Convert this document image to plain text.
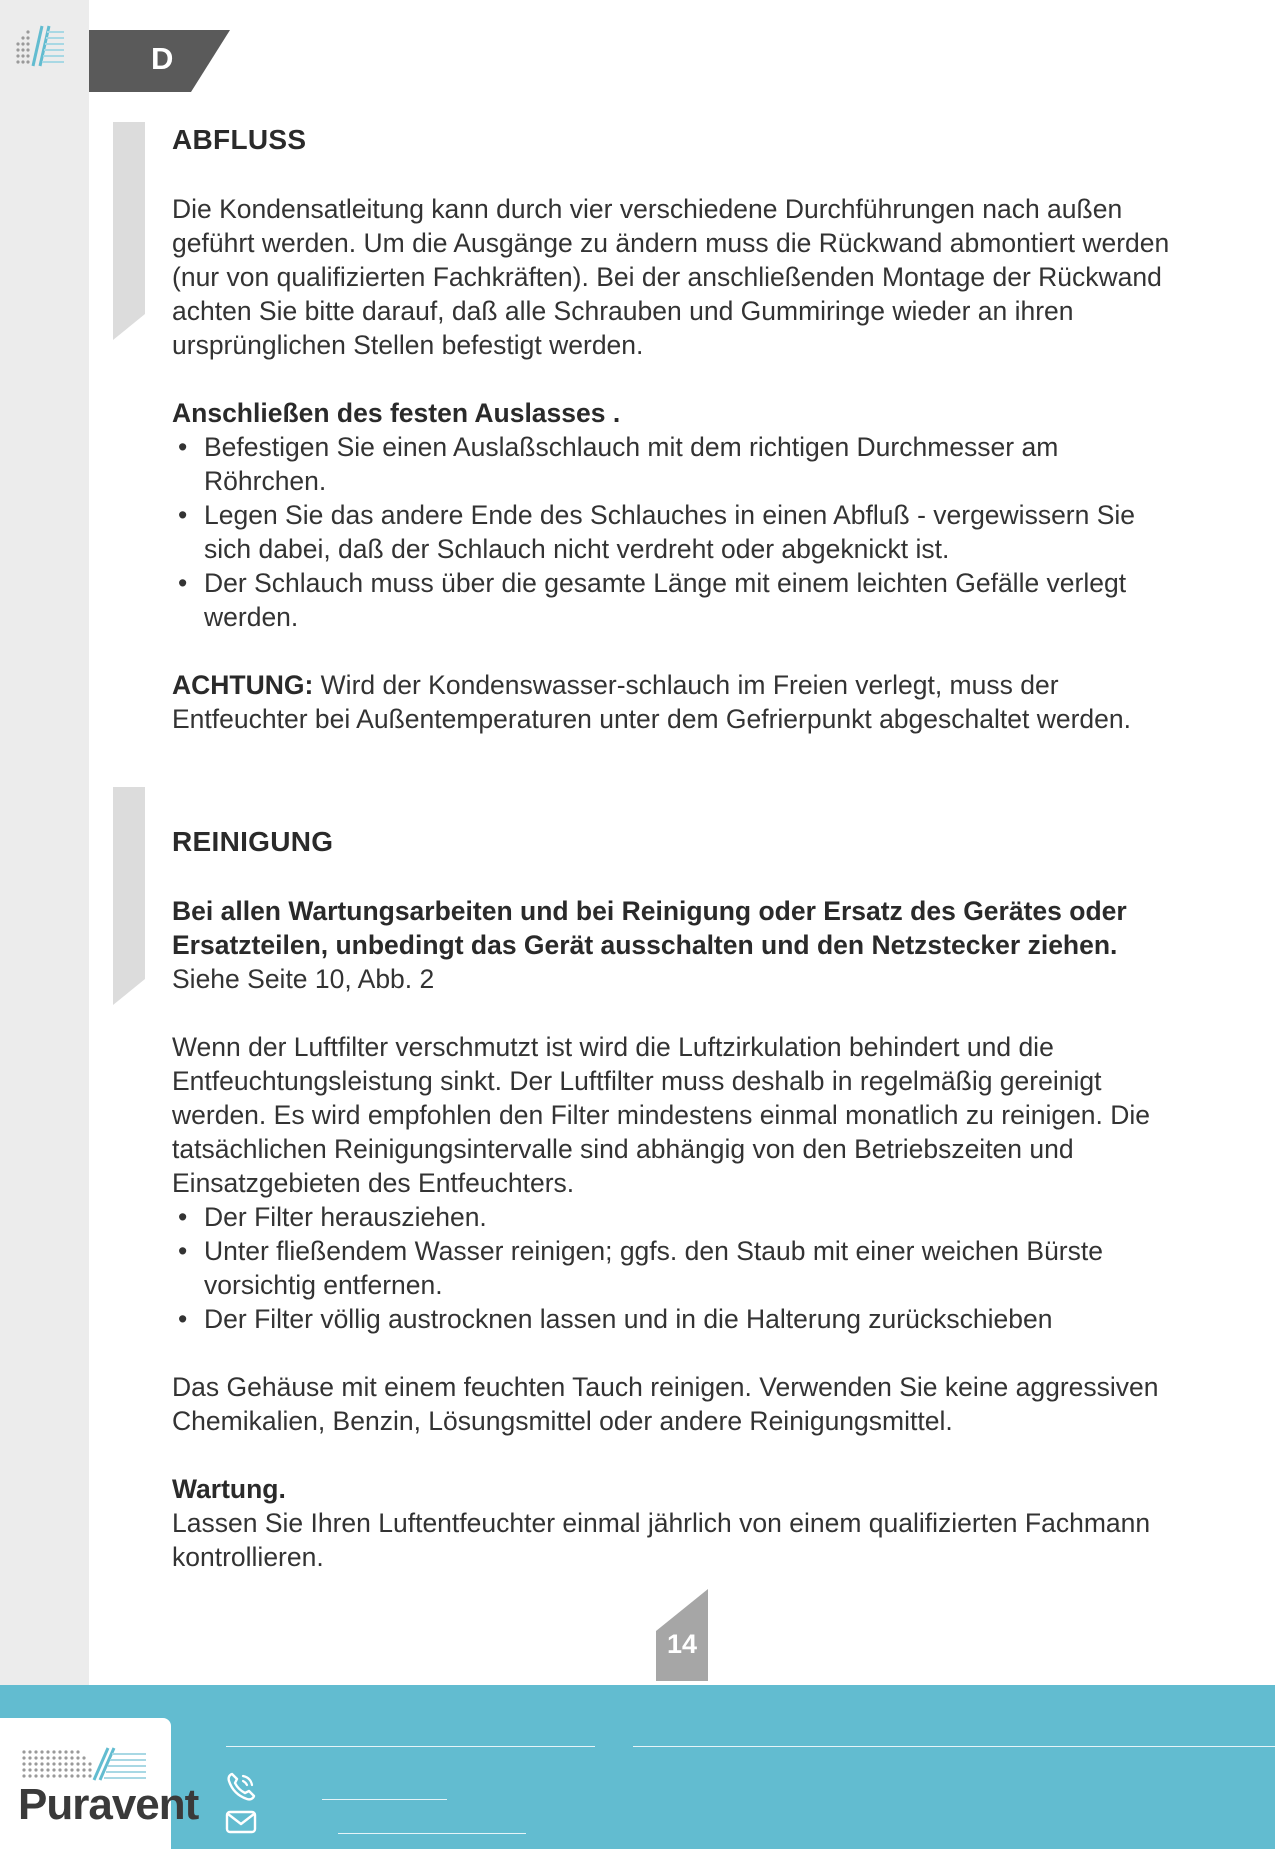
D
ABFLUSS

Die Kondensatleitung kann durch vier verschiedene Durchführungen nach außen geführt werden. Um die Ausgänge zu ändern muss die Rückwand abmontiert werden (nur von qualifizierten Fachkräften). Bei der anschließenden Montage der Rückwand achten Sie bitte darauf, daß alle Schrauben und Gummiringe wieder an ihren ursprünglichen Stellen befestigt werden.

Anschließen des festen Auslasses .

• Befestigen Sie einen Auslaßschlauch mit dem richtigen Durchmesser am Röhrchen.
• Legen Sie das andere Ende des Schlauches in einen Abfluß - vergewissern Sie sich dabei, daß der Schlauch nicht verdreht oder abgeknickt ist.
• Der Schlauch muss über die gesamte Länge mit einem leichten Gefälle verlegt werden.

ACHTUNG: Wird der Kondenswasser-schlauch im Freien verlegt, muss der Entfeuchter bei Außentemperaturen unter dem Gefrierpunkt abgeschaltet werden.

REINIGUNG

Bei allen Wartungsarbeiten und bei Reinigung oder Ersatz des Gerätes oder Ersatzteilen, unbedingt das Gerät ausschalten und den Netzstecker ziehen.

Siehe Seite 10, Abb. 2

Wenn der Luftfilter verschmutzt ist wird die Luftzirkulation behindert und die Entfeuchtungsleistung sinkt. Der Luftfilter muss deshalb in regelmäßig gereinigt werden. Es wird empfohlen den Filter mindestens einmal monatlich zu reinigen. Die tatsächlichen Reinigungsintervalle sind abhängig von den Betriebszeiten und Einsatzgebieten des Entfeuchters.

• Der Filter herausziehen.
• Unter fließendem Wasser reinigen; ggfs. den Staub mit einer weichen Bürste vorsichtig entfernen.
• Der Filter völlig austrocknen lassen und in die Halterung zurückschieben

Das Gehäuse mit einem feuchten Tauch reinigen. Verwenden Sie keine aggressiven Chemikalien, Benzin, Lösungsmittel oder andere Reinigungsmittel.

Wartung.

Lassen Sie Ihren Luftentfeuchter einmal jährlich von einem qualifizierten Fachmann kontrollieren.

14
Puravent
